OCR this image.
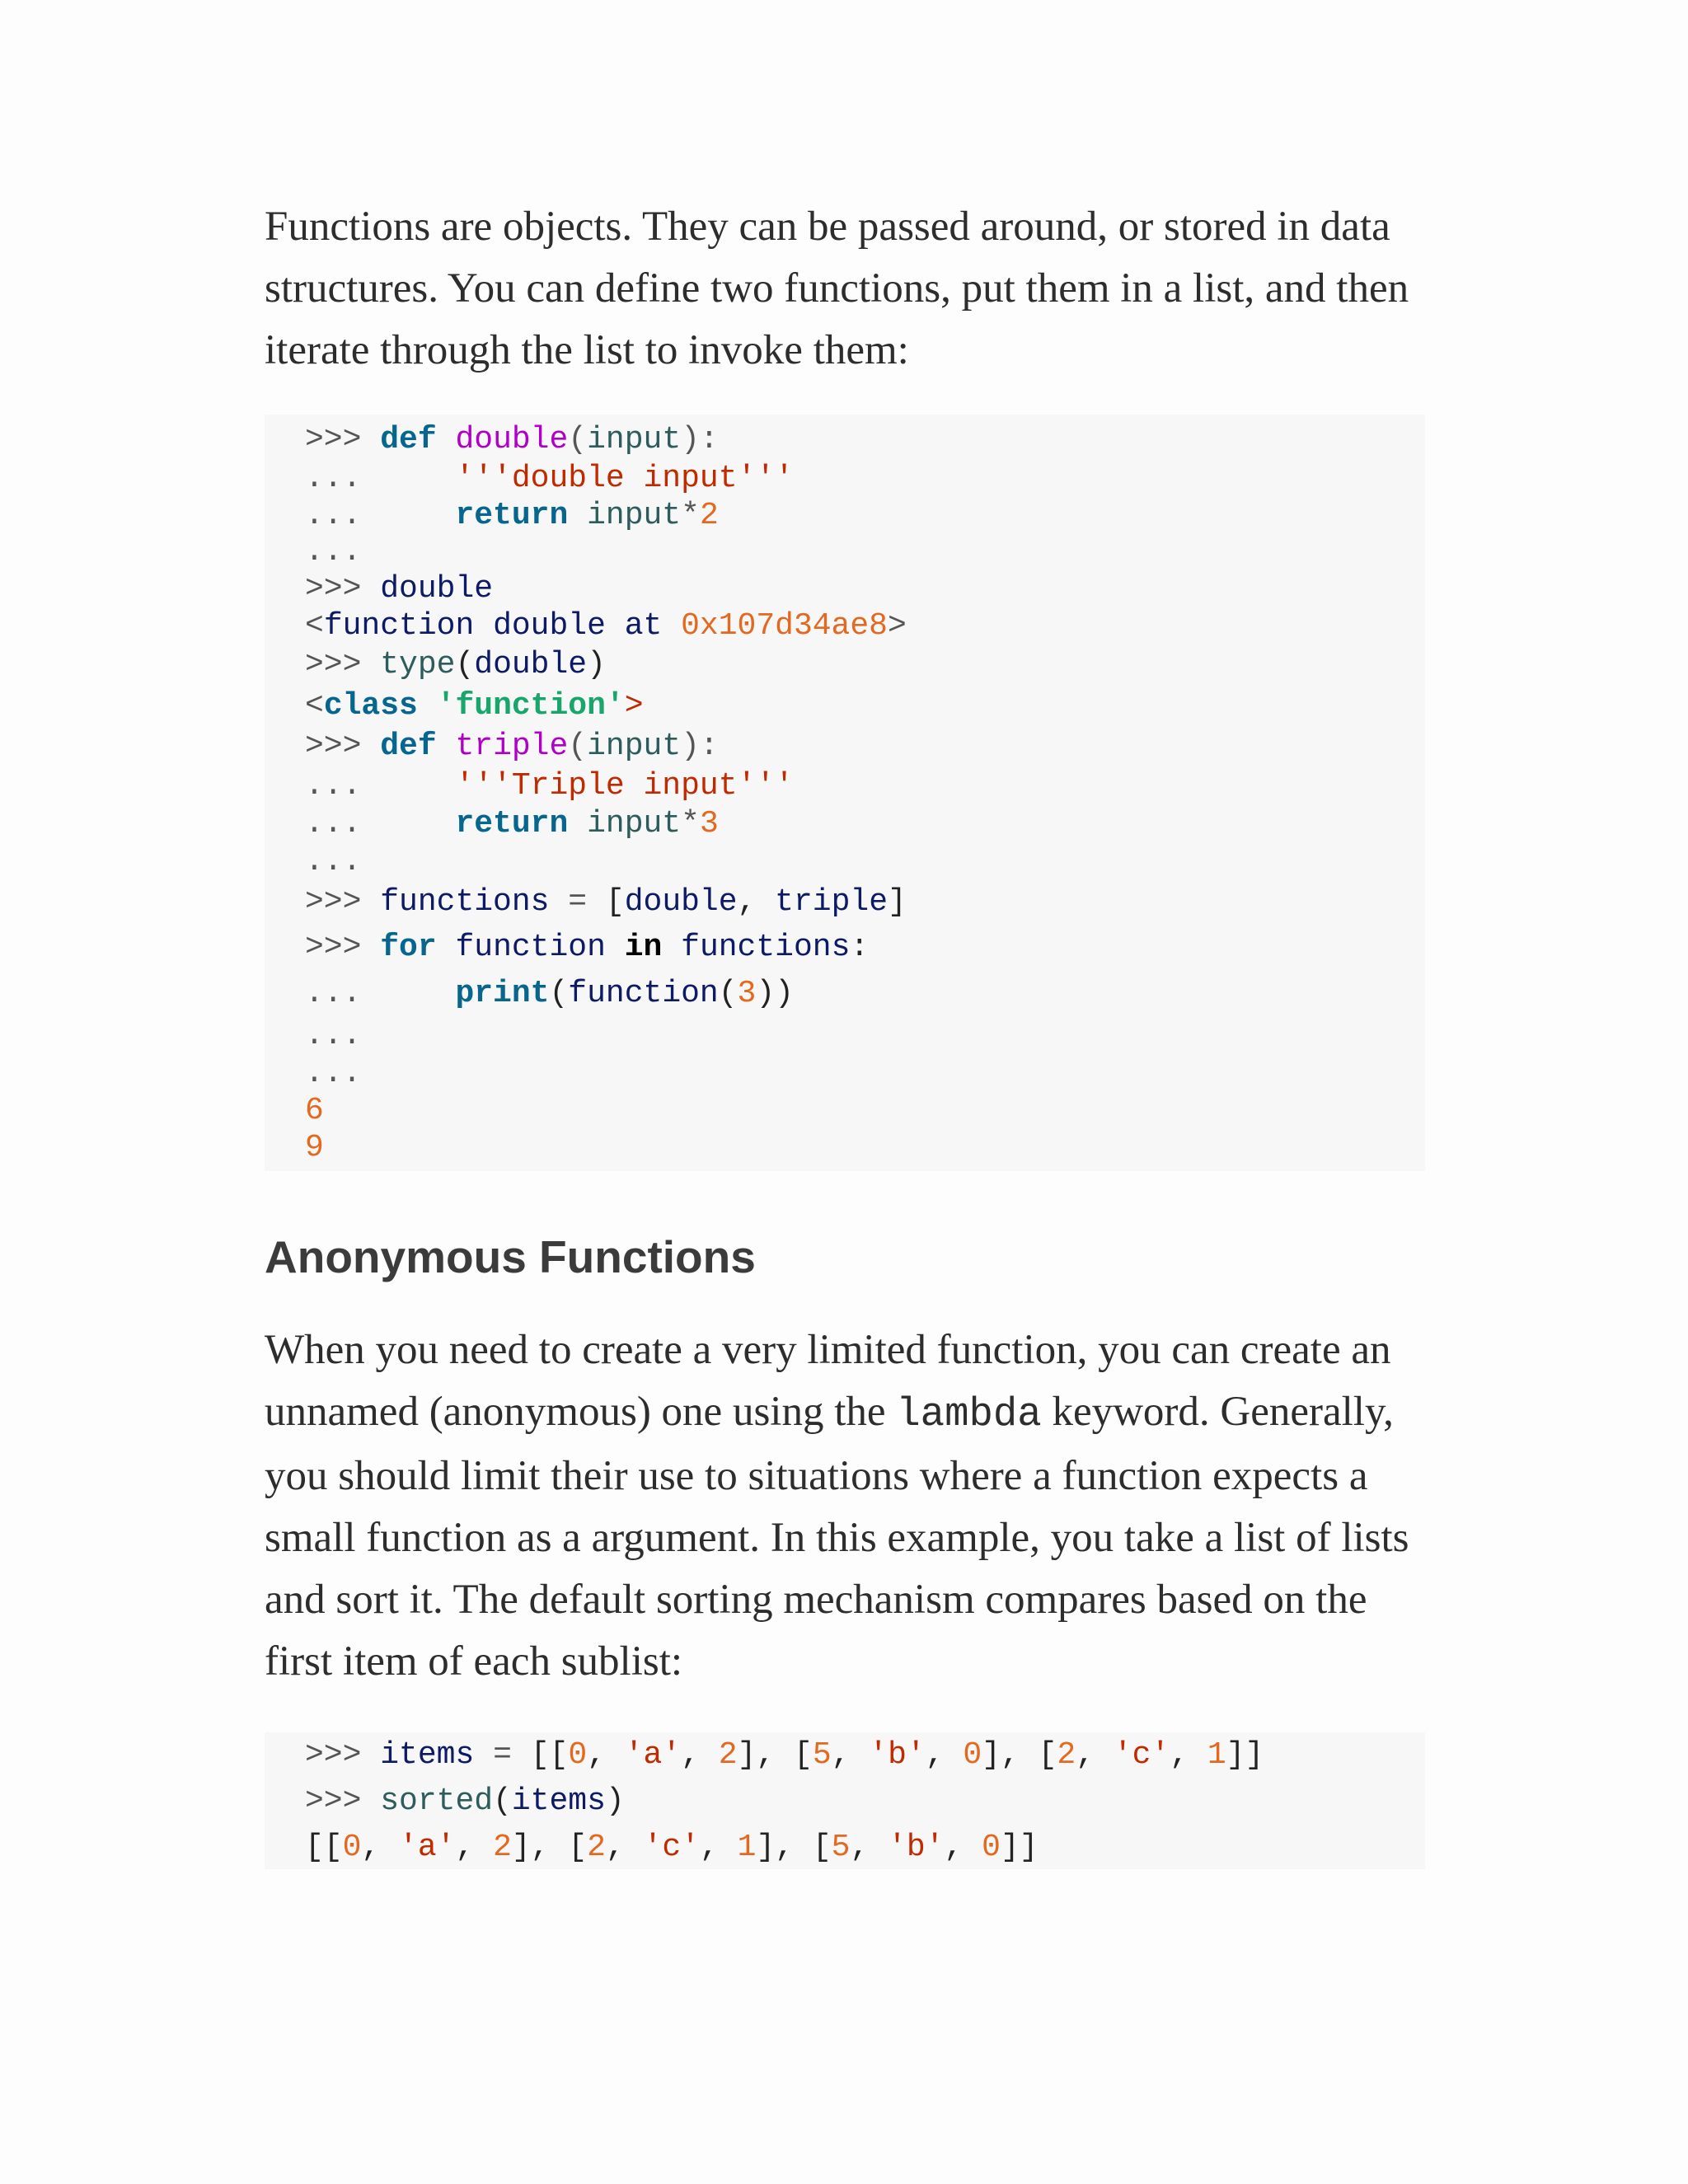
Functions are objects. They can be passed around, or stored in data
structures. You can define two functions, put them in a list, and then
iterate through the list to invoke them:

>>> def double(input):
...	'''double input'''
...	return input*2
...
>>> double
<function double at 0x107d34ae8>
>>> type(double)
<class 'function'>
>>> def triple(input):
...	'''Triple input'''
...	return input*3
...
>>> functions = [double, triple]
>>> for function in functions:
...	print(function(3))
...
...
6
9

Anonymous Functions
When you need to create a very limited function, you can create an
unnamed (anonymous) one using the lambda keyword. Generally,
you should limit their use to situations where a function expects a
small function as a argument. In this example, you take a list of lists
and sort it. The default sorting mechanism compares based on the
first item of each sublist:

>>> items = [[0, 'a', 2], [5, 'b', 0], [2, 'c', 1]]
>>> sorted(items)
[[0, 'a', 2], [2, 'c', 1], [5, 'b', 0]]
